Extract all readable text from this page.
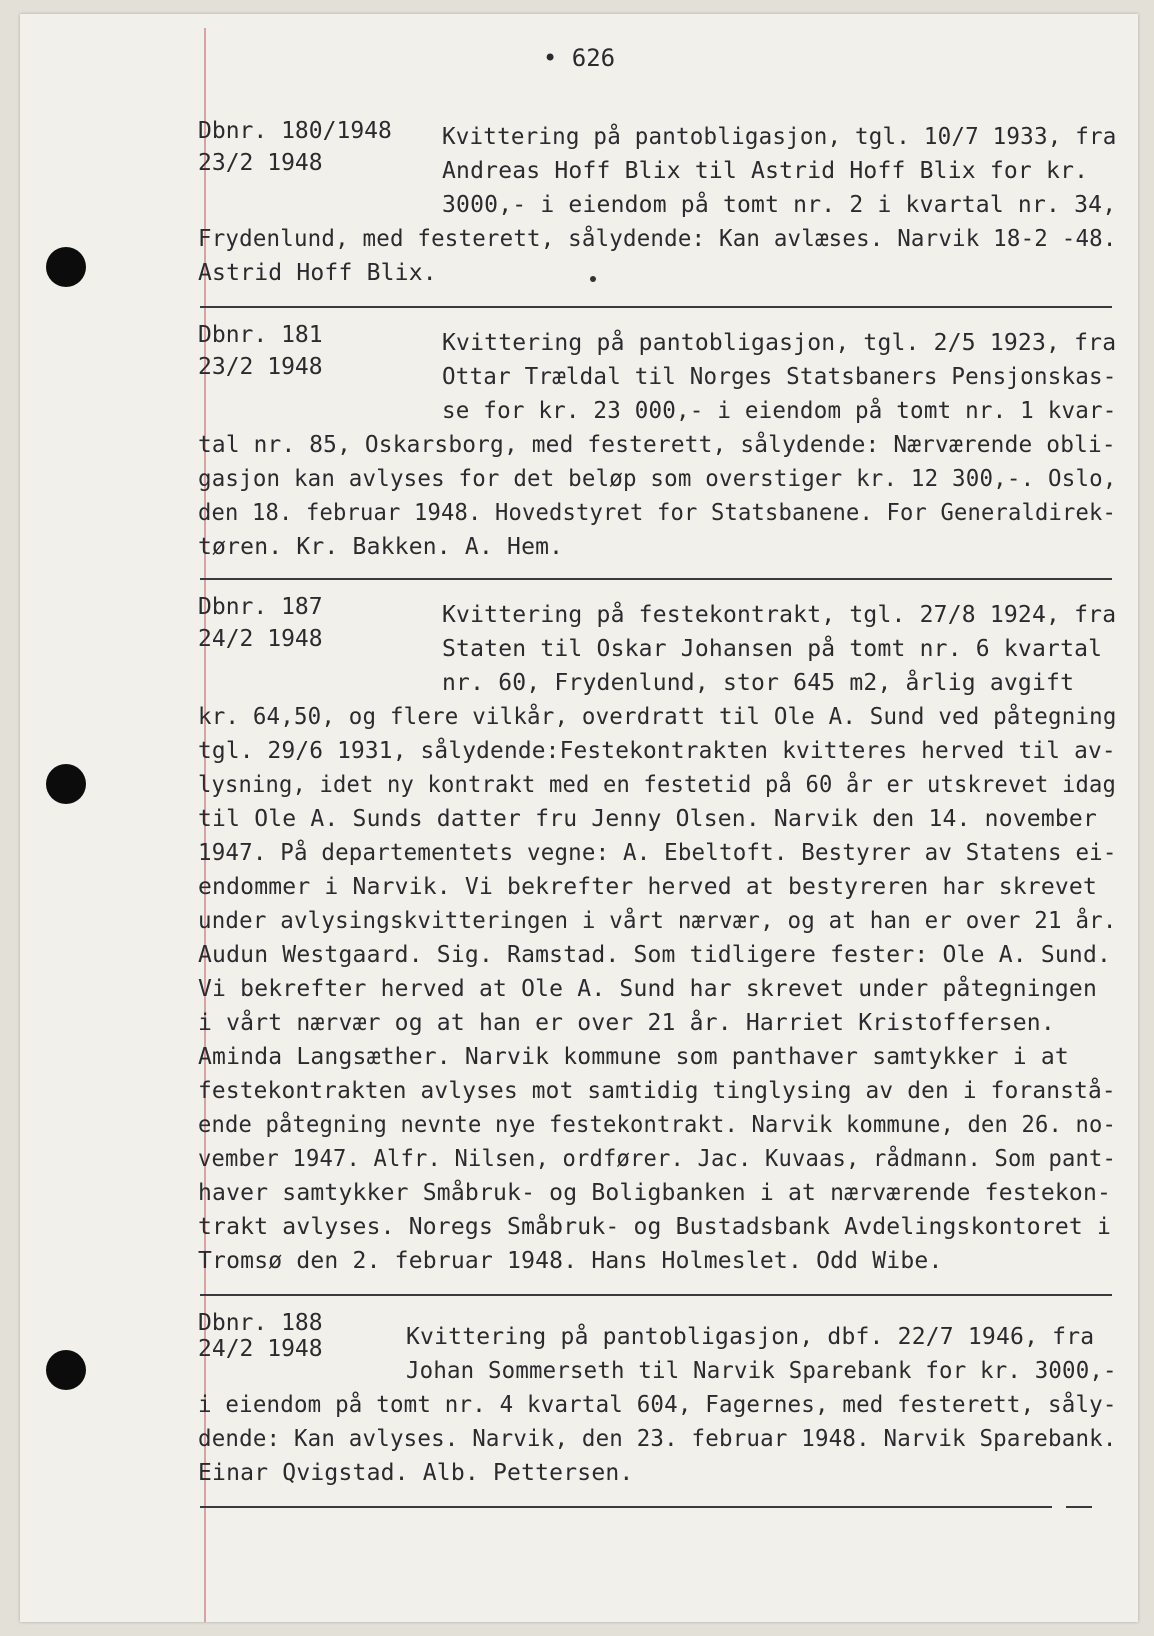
• 626
Dbnr. 180/1948
23/2 1948
Kvittering på pantobligasjon, tgl. 10/7 1933, fra
Andreas Hoff Blix til Astrid Hoff Blix for kr.
3000,- i eiendom på tomt nr. 2 i kvartal nr. 34,
Frydenlund, med festerett, sålydende: Kan avlæses. Narvik 18-2 -48.
Astrid Hoff Blix.
Dbnr. 181
23/2 1948
Kvittering på pantobligasjon, tgl. 2/5 1923, fra
Ottar Trældal til Norges Statsbaners Pensjonskas-
se for kr. 23 000,- i eiendom på tomt nr. 1 kvar-
tal nr. 85, Oskarsborg, med festerett, sålydende: Nærværende obli-
gasjon kan avlyses for det beløp som overstiger kr. 12 300,-. Oslo,
den 18. februar 1948. Hovedstyret for Statsbanene. For Generaldirek-
tøren. Kr. Bakken. A. Hem.
Dbnr. 187
24/2 1948
Kvittering på festekontrakt, tgl. 27/8 1924, fra
Staten til Oskar Johansen på tomt nr. 6 kvartal
nr. 60, Frydenlund, stor 645 m2, årlig avgift
kr. 64,50, og flere vilkår, overdratt til Ole A. Sund ved påtegning
tgl. 29/6 1931, sålydende:Festekontrakten kvitteres herved til av-
lysning, idet ny kontrakt med en festetid på 60 år er utskrevet idag
til Ole A. Sunds datter fru Jenny Olsen. Narvik den 14. november
1947. På departementets vegne: A. Ebeltoft. Bestyrer av Statens ei-
endommer i Narvik. Vi bekrefter herved at bestyreren har skrevet
under avlysingskvitteringen i vårt nærvær, og at han er over 21 år.
Audun Westgaard. Sig. Ramstad. Som tidligere fester: Ole A. Sund.
Vi bekrefter herved at Ole A. Sund har skrevet under påtegningen
i vårt nærvær og at han er over 21 år. Harriet Kristoffersen.
Aminda Langsæther. Narvik kommune som panthaver samtykker i at
festekontrakten avlyses mot samtidig tinglysing av den i foranstå-
ende påtegning nevnte nye festekontrakt. Narvik kommune, den 26. no-
vember 1947. Alfr. Nilsen, ordfører. Jac. Kuvaas, rådmann. Som pant-
haver samtykker Småbruk- og Boligbanken i at nærværende festekon-
trakt avlyses. Noregs Småbruk- og Bustadsbank Avdelingskontoret i
Tromsø den 2. februar 1948. Hans Holmeslet. Odd Wibe.
Dbnr. 188
24/2 1948	Kvittering på pantobligasjon, dbf. 22/7 1946, fra
Johan Sommerseth til Narvik Sparebank for kr. 3000,-
i eiendom på tomt nr. 4 kvartal 604, Fagernes, med festerett, såly-
dende: Kan avlyses. Narvik, den 23. februar 1948. Narvik Sparebank.
Einar Qvigstad. Alb. Pettersen.
